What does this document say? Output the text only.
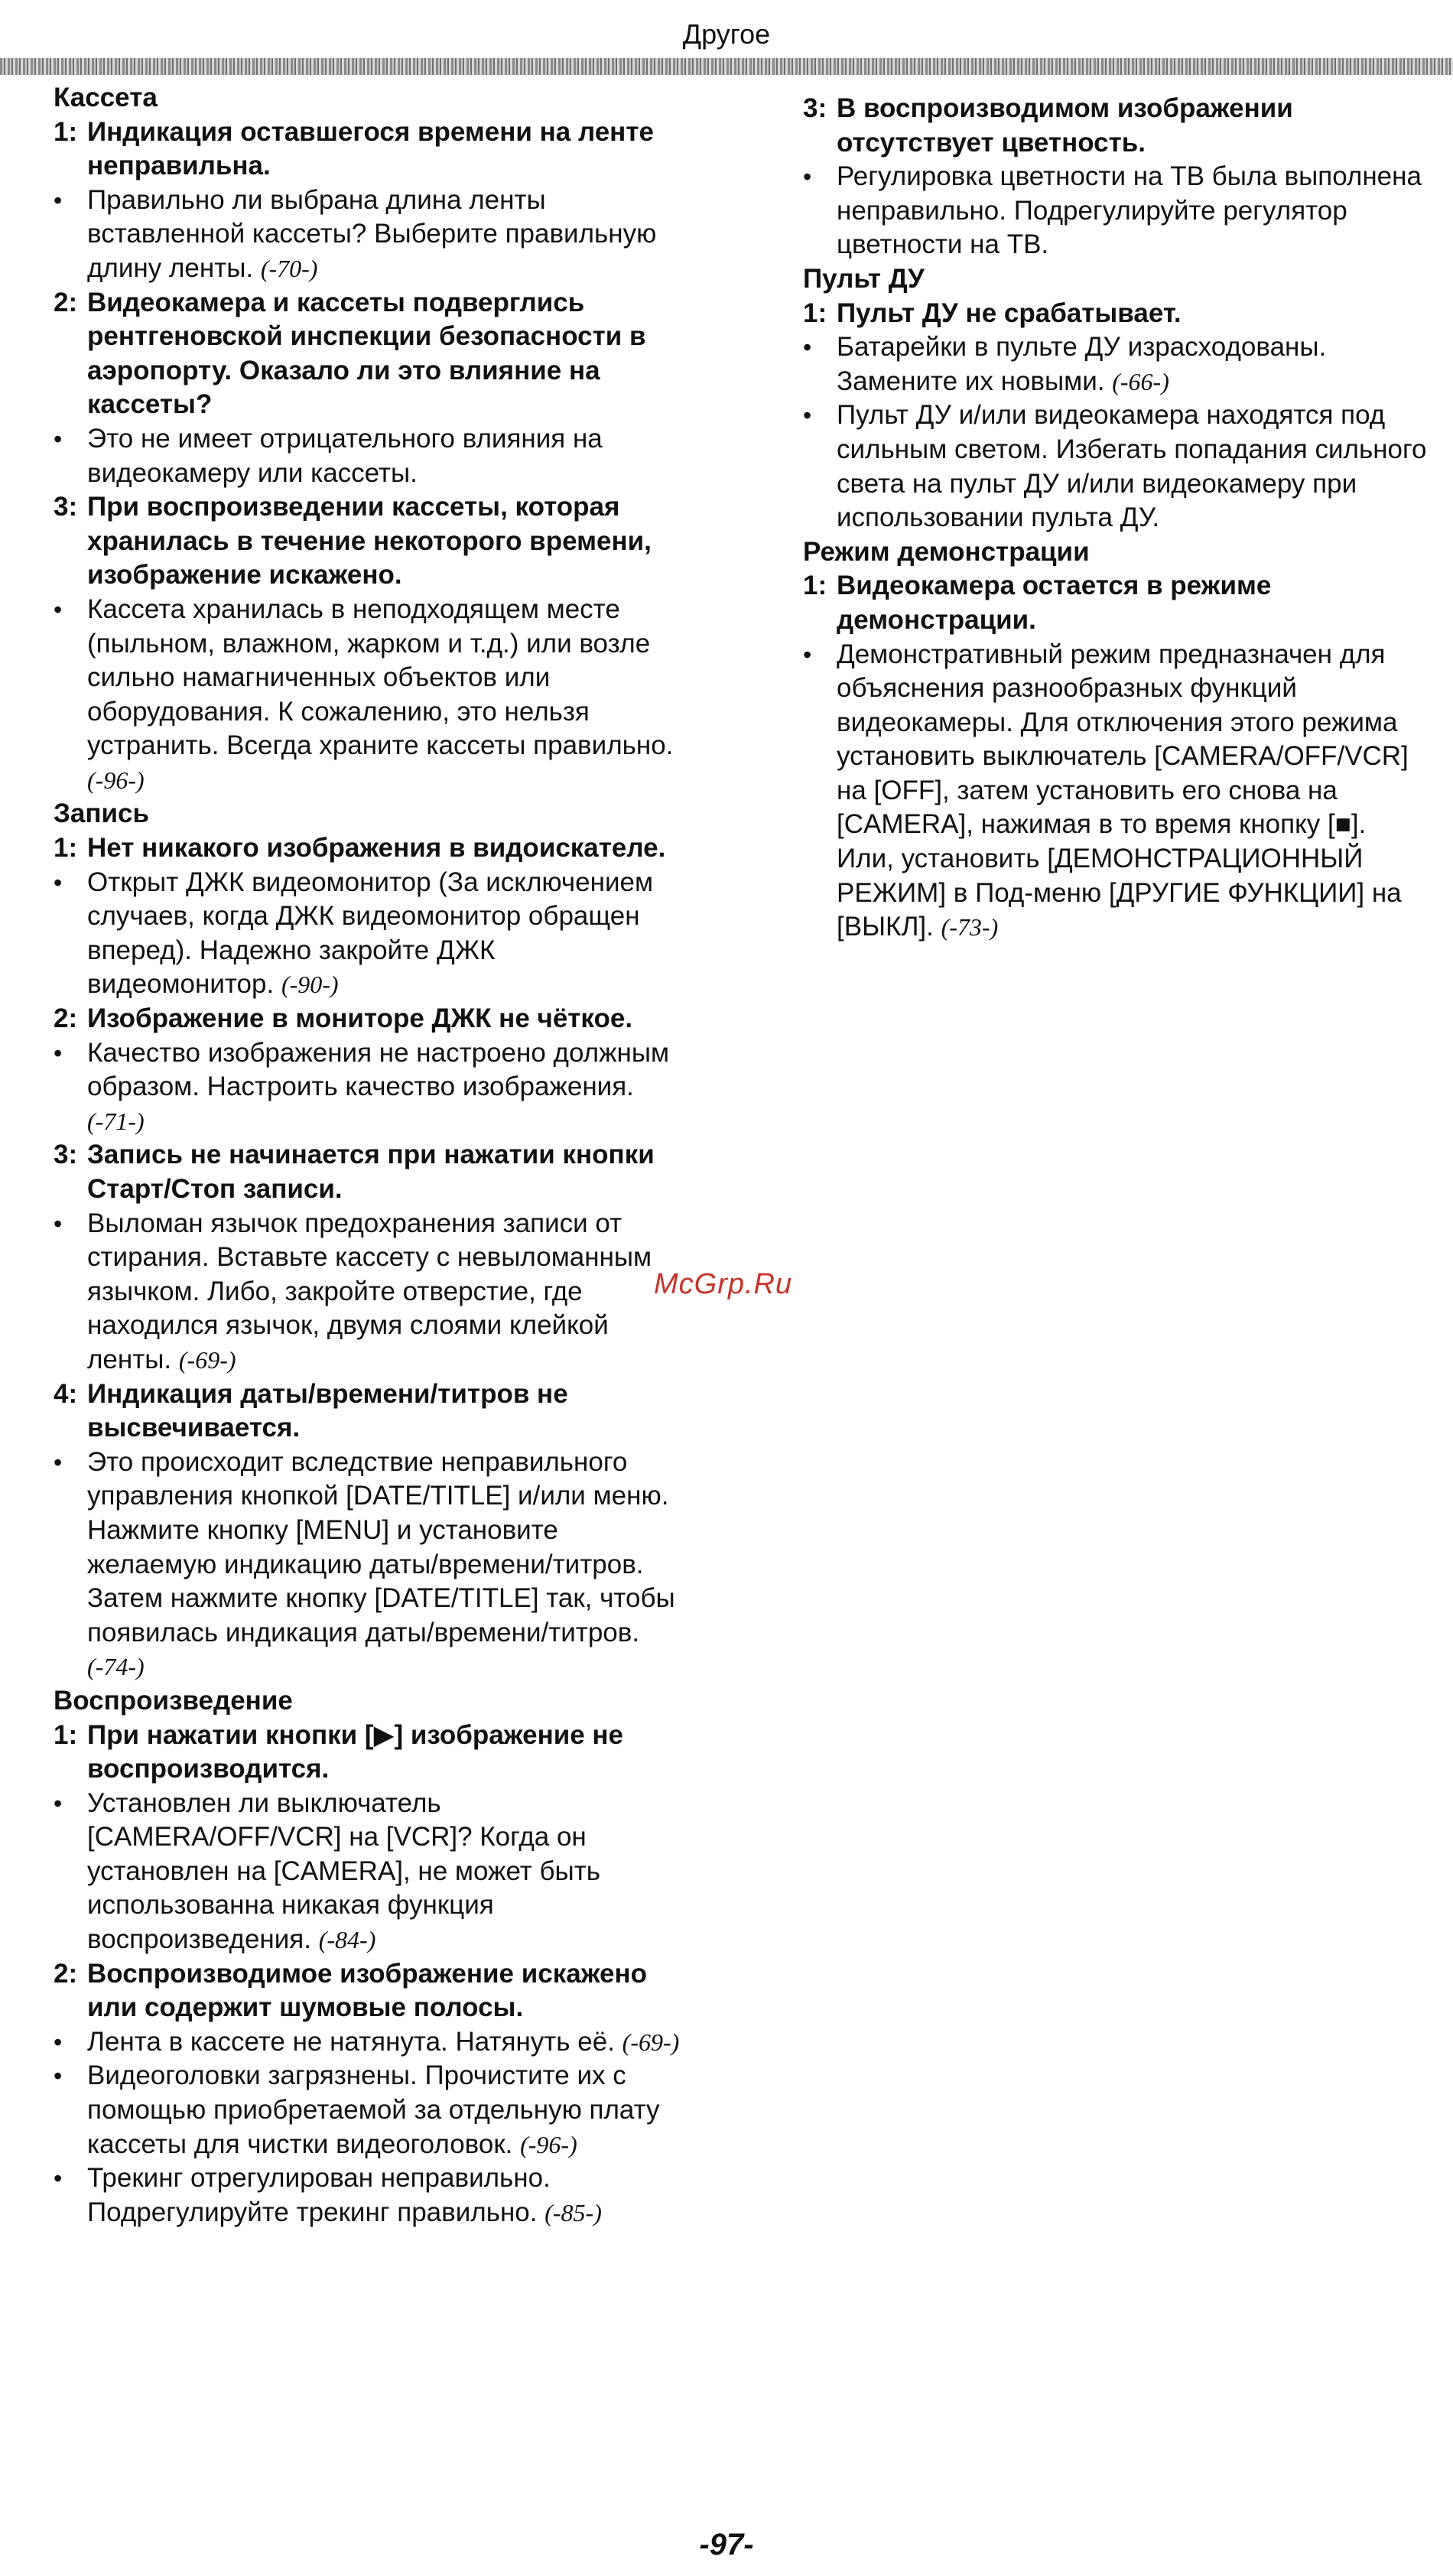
Другое
Кассета
1: Индикация оставшегося времени на ленте неправильна.
• Правильно ли выбрана длина ленты вставленной кассеты? Выберите правильную длину ленты. (-70-)
2: Видеокамера и кассеты подверглись рентгеновской инспекции безопасности в аэропорту. Оказало ли это влияние на кассеты?
• Это не имеет отрицательного влияния на видеокамеру или кассеты.
3: При воспроизведении кассеты, которая хранилась в течение некоторого времени, изображение искажено.
• Кассета хранилась в неподходящем месте (пыльном, влажном, жарком и т.д.) или возле сильно намагниченных объектов или оборудования. К сожалению, это нельзя устранить. Всегда храните кассеты правильно. (-96-)
Запись
1: Нет никакого изображения в видоискателе.
• Открыт ДЖК видеомонитор (За исключением случаев, когда ДЖК видеомонитор обращен вперед). Надежно закройте ДЖК видеомонитор. (-90-)
2: Изображение в мониторе ДЖК не чёткое.
• Качество изображения не настроено должным образом. Настроить качество изображения. (-71-)
3: Запись не начинается при нажатии кнопки Старт/Стоп записи.
• Выломан язычок предохранения записи от стирания. Вставьте кассету с невыломанным язычком. Либо, закройте отверстие, где находился язычок, двумя слоями клейкой ленты. (-69-)
4: Индикация даты/времени/титров не высвечивается.
• Это происходит вследствие неправильного управления кнопкой [DATE/TITLE] и/или меню. Нажмите кнопку [MENU] и установите желаемую индикацию даты/времени/титров. Затем нажмите кнопку [DATE/TITLE] так, чтобы появилась индикация даты/времени/титров. (-74-)
Воспроизведение
1: При нажатии кнопки [▶] изображение не воспроизводится.
• Установлен ли выключатель [CAMERA/OFF/VCR] на [VCR]? Когда он установлен на [CAMERA], не может быть использованна никакая функция воспроизведения. (-84-)
2: Воспроизводимое изображение искажено или содержит шумовые полосы.
• Лента в кассете не натянута. Натянуть её. (-69-)
• Видеоголовки загрязнены. Прочистите их с помощью приобретаемой за отдельную плату кассеты для чистки видеоголовок. (-96-)
• Трекинг отрегулирован неправильно. Подрегулируйте трекинг правильно. (-85-)
3: В воспроизводимом изображении отсутствует цветность.
• Регулировка цветности на ТВ была выполнена неправильно. Подрегулируйте регулятор цветности на ТВ.
Пульт ДУ
1: Пульт ДУ не срабатывает.
• Батарейки в пульте ДУ израсходованы. Замените их новыми. (-66-)
• Пульт ДУ и/или видеокамера находятся под сильным светом. Избегать попадания сильного света на пульт ДУ и/или видеокамеру при использовании пульта ДУ.
Режим демонстрации
1: Видеокамера остается в режиме демонстрации.
• Демонстративный режим предназначен для объяснения разнообразных функций видеокамеры. Для отключения этого режима установить выключатель [CAMERA/OFF/VCR] на [OFF], затем установить его снова на [CAMERA], нажимая в то время кнопку [■]. Или, установить [ДЕМОНСТРАЦИОННЫЙ РЕЖИМ] в Под-меню [ДРУГИЕ ФУНКЦИИ] на [ВЫКЛ]. (-73-)
McGrp.Ru
-97-
